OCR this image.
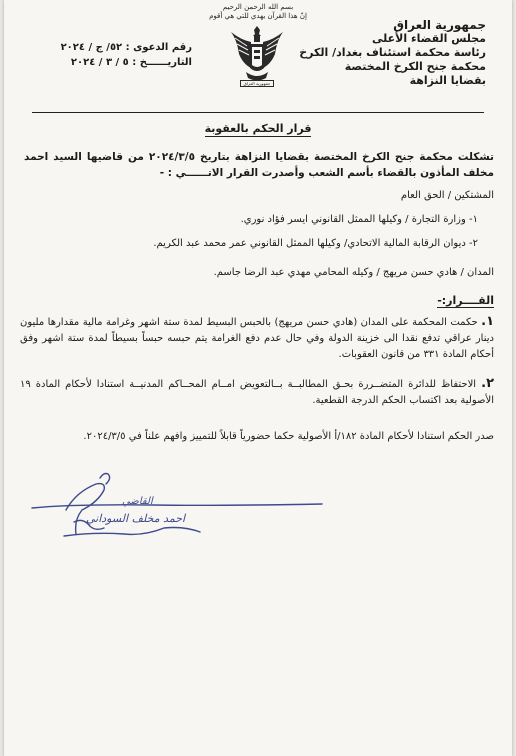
بسم الله الرحمن الرحيم
إنّ هذا القرآن يهدي للتي هي أقوم
جمهورية العراق
مجلس القضاء الأعلى
رئاسة محكمة استئناف بغداد/ الكرخ
محكمة جنح الكرخ المختصة
بقضايا النزاهة
جمهورية العراق
رقم الدعوى : ٥٢/ ج / ٢٠٢٤
التاريــــــخ : ٥ / ٣ / ٢٠٢٤
قرار الحكم بالعقوبة
تشكلت محكمة جنح الكرخ المختصة بقضايا النزاهة بتاريخ ٢٠٢٤/٣/٥ من قاضيها السيد احمد مخلف المأذون بالقضاء بأسم الشعب وأصدرت القرار الاتــــــي : -
المشتكين / الحق العام
١- وزارة التجارة / وكيلها الممثل القانوني ايسر فؤاد نوري.
٢- ديوان الرقابة المالية الاتحادي/ وكيلها الممثل القانوني عمر محمد عبد الكريم.
المدان / هادي حسن مريهج / وكيله المحامي مهدي عبد الرضا جاسم.
القــــرار:-
١. حكمت المحكمة على المدان (هادي حسن مريهج) بالحبس البسيط لمدة ستة اشهر وغرامة مالية مقدارها مليون دينار عراقي تدفع نقدا الى خزينة الدولة وفي حال عدم دفع الغرامة يتم حبسه حبساً بسيطاً لمدة ستة اشهر وفق أحكام المادة ٣٣١ من قانون العقوبات.
٢. الاحتفاظ للدائرة المتضــررة بحـق المطالبــة بــالتعويض امــام المحــاكم المدنيــة استنادا لأحكام المادة ١٩ الأصولية بعد اكتساب الحكم الدرجة القطعية.
صدر الحكم استنادا لأحكام المادة ١٨٢/أ الأصولية حكما حضورياً قابلاً للتمييز وافهم علناً في ٢٠٢٤/٣/٥.
القاضي
احمد مخلف السوداني
